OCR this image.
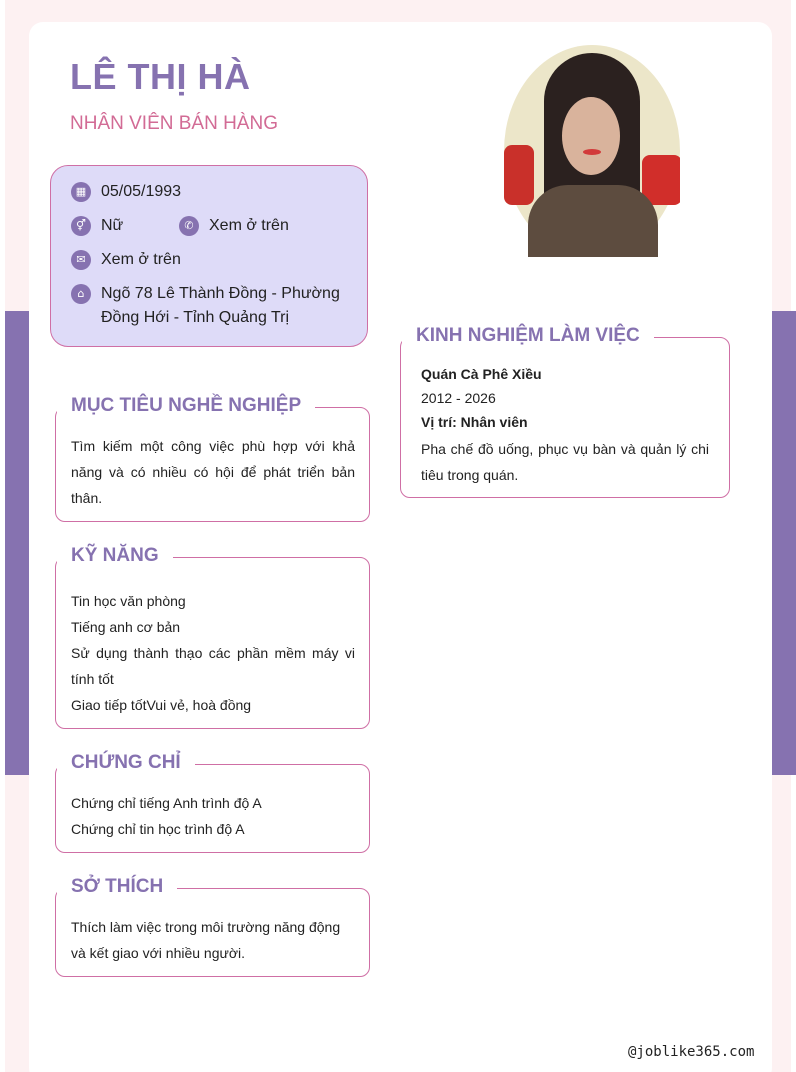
LÊ THỊ HÀ
NHÂN VIÊN BÁN HÀNG
▦ 05/05/1993
⚥ Nữ	✆ Xem ở trên
✉ Xem ở trên
⌂	Ngõ 78 Lê Thành Đồng - Phường
Đồng Hới - Tỉnh Quảng Trị
MỤC TIÊU NGHỀ NGHIỆP
Tìm kiếm một công việc phù hợp với khả năng và có nhiều có hội để phát triển bản thân.
KỸ NĂNG
Tin học văn phòng
Tiếng anh cơ bản
Sử dụng thành thạo các phần mềm máy vi tính tốt
Giao tiếp tốtVui vẻ, hoà đồng
CHỨNG CHỈ
Chứng chỉ tiếng Anh trình độ A
Chứng chỉ tin học trình độ A
SỞ THÍCH
Thích làm việc trong môi trường năng động và kết giao với nhiều người.
KINH NGHIỆM LÀM VIỆC
Quán Cà Phê Xiều
2012 - 2026
Vị trí: Nhân viên
Pha chế đồ uống, phục vụ bàn và quản lý chi tiêu trong quán.
@joblike365.com
